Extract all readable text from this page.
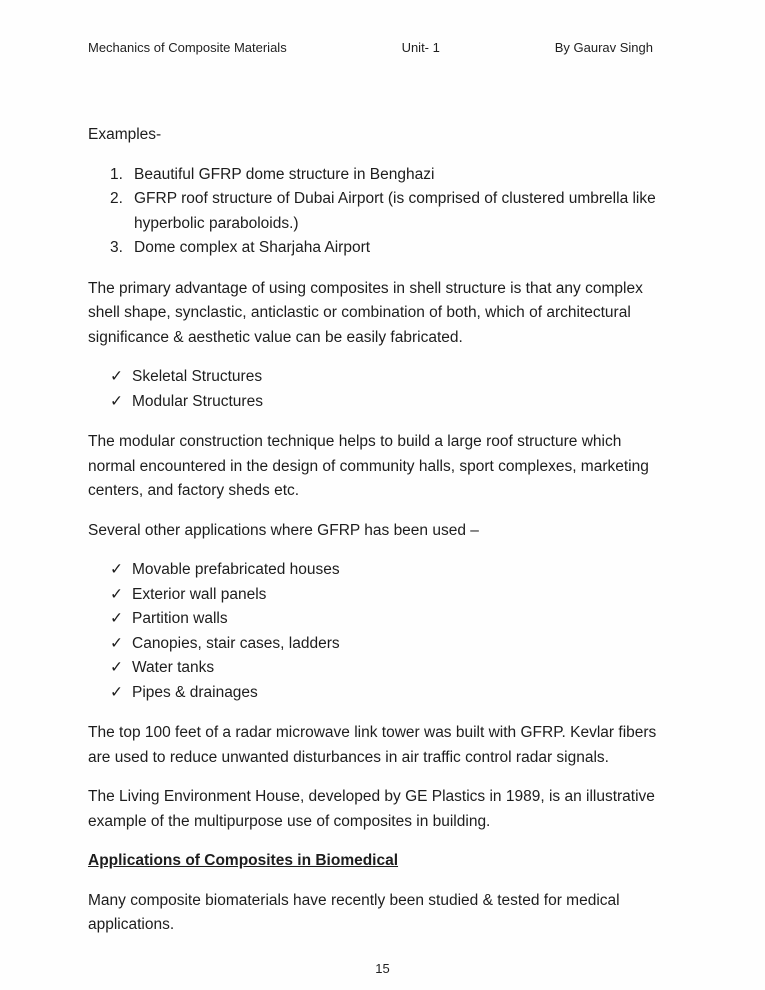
Mechanics of Composite Materials	Unit- 1	By Gaurav Singh

Examples-

1. Beautiful GFRP dome structure in Benghazi
2. GFRP roof structure of Dubai Airport (is comprised of clustered umbrella like hyperbolic paraboloids.)
3. Dome complex at Sharjaha Airport

The primary advantage of using composites in shell structure is that any complex shell shape, synclastic, anticlastic or combination of both, which of architectural significance & aesthetic value can be easily fabricated.

✓ Skeletal Structures
✓ Modular Structures

The modular construction technique helps to build a large roof structure which normal encountered in the design of community halls, sport complexes, marketing centers, and factory sheds etc.

Several other applications where GFRP has been used –

✓ Movable prefabricated houses
✓ Exterior wall panels
✓ Partition walls
✓ Canopies, stair cases, ladders
✓ Water tanks
✓ Pipes & drainages

The top 100 feet of a radar microwave link tower was built with GFRP. Kevlar fibers are used to reduce unwanted disturbances in air traffic control radar signals.

The Living Environment House, developed by GE Plastics in 1989, is an illustrative example of the multipurpose use of composites in building.

Applications of Composites in Biomedical

Many composite biomaterials have recently been studied & tested for medical applications.

15
